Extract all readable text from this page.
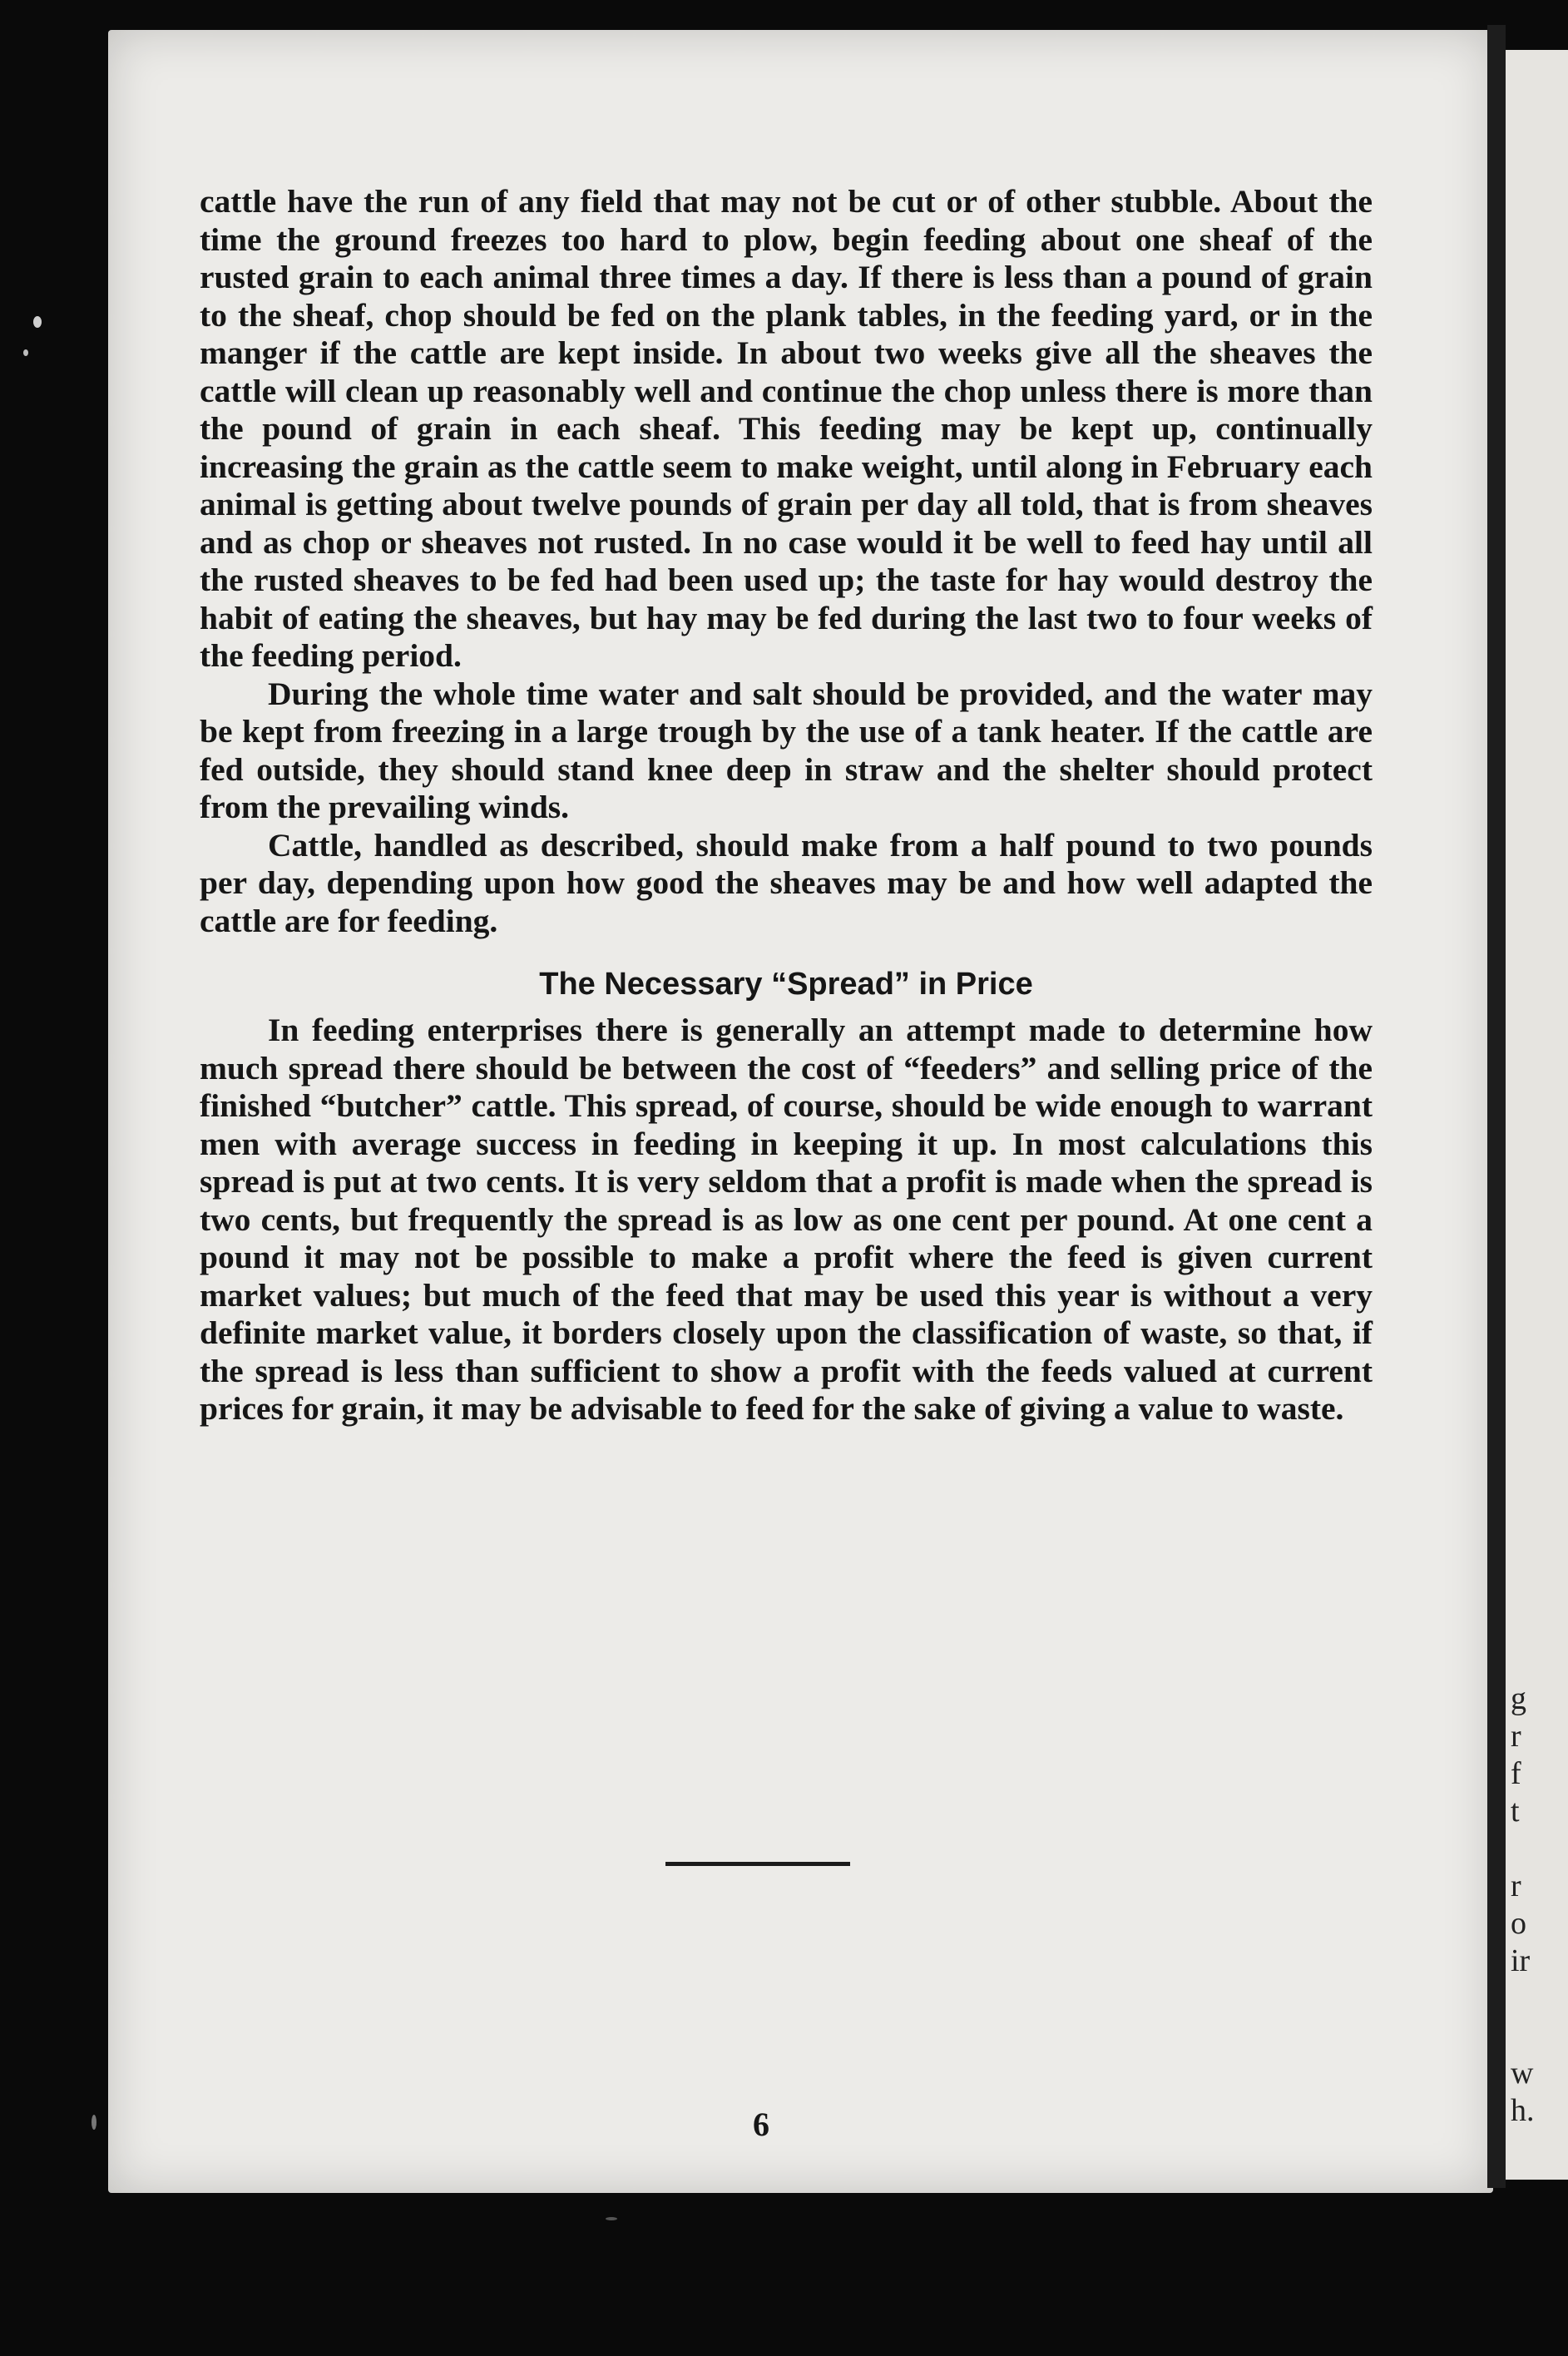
g
r
f
t
r
o
ir
w
h.

cattle have the run of any field that may not be cut or of other stubble. About the time the ground freezes too hard to plow, begin feeding about one sheaf of the rusted grain to each animal three times a day. If there is less than a pound of grain to the sheaf, chop should be fed on the plank tables, in the feeding yard, or in the manger if the cattle are kept inside. In about two weeks give all the sheaves the cattle will clean up reasonably well and continue the chop unless there is more than the pound of grain in each sheaf. This feeding may be kept up, continually increasing the grain as the cattle seem to make weight, until along in February each animal is getting about twelve pounds of grain per day all told, that is from sheaves and as chop or sheaves not rusted. In no case would it be well to feed hay until all the rusted sheaves to be fed had been used up; the taste for hay would destroy the habit of eating the sheaves, but hay may be fed during the last two to four weeks of the feeding period.

During the whole time water and salt should be provided, and the water may be kept from freezing in a large trough by the use of a tank heater. If the cattle are fed outside, they should stand knee deep in straw and the shelter should protect from the prevailing winds.

Cattle, handled as described, should make from a half pound to two pounds per day, depending upon how good the sheaves may be and how well adapted the cattle are for feeding.

The Necessary “Spread” in Price

In feeding enterprises there is generally an attempt made to determine how much spread there should be between the cost of “feeders” and selling price of the finished “butcher” cattle. This spread, of course, should be wide enough to warrant men with average success in feeding in keeping it up. In most calculations this spread is put at two cents. It is very seldom that a profit is made when the spread is two cents, but frequently the spread is as low as one cent per pound. At one cent a pound it may not be possible to make a profit where the feed is given current market values; but much of the feed that may be used this year is without a very definite market value, it borders closely upon the classification of waste, so that, if the spread is less than sufficient to show a profit with the feeds valued at current prices for grain, it may be advisable to feed for the sake of giving a value to waste.

6
